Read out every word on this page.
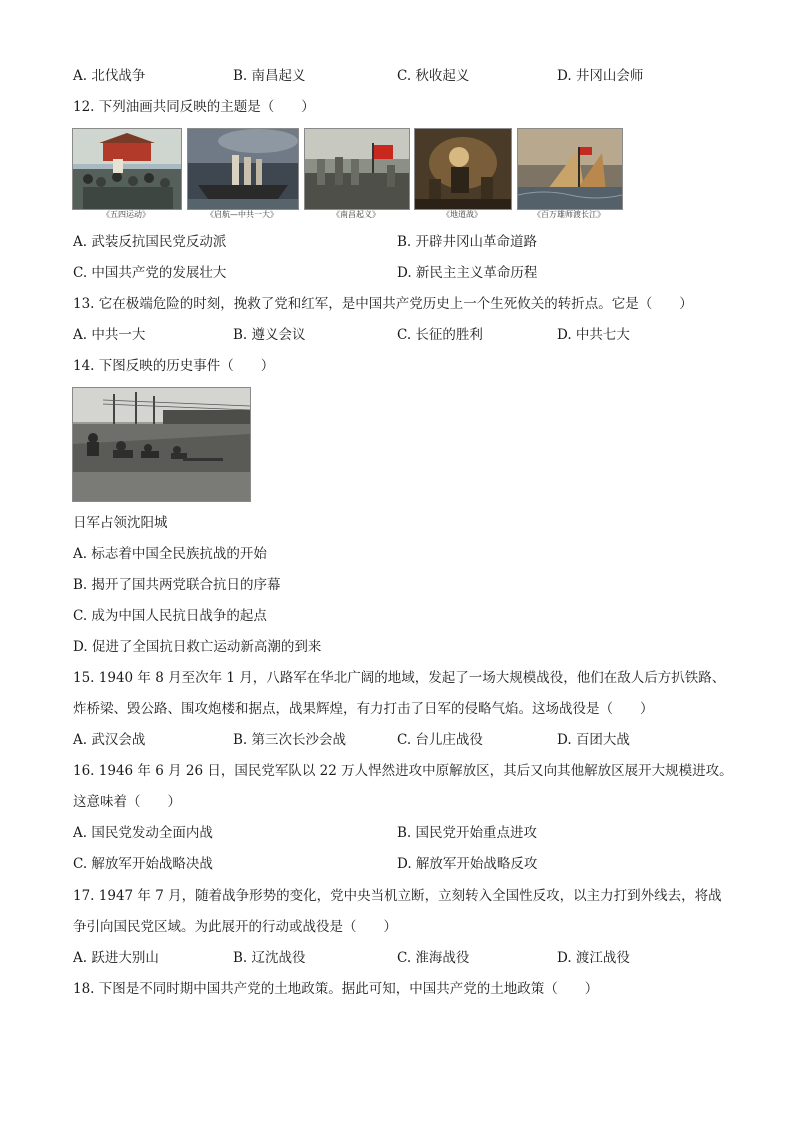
A. 北伐战争	B. 南昌起义	C. 秋收起义	D. 井冈山会师
12. 下列油画共同反映的主题是（　　）
《五四运动》	《启航—中共一大》	《南昌起义》	《地道战》	《百万雄师渡长江》
A. 武装反抗国民党反动派	B. 开辟井冈山革命道路
C. 中国共产党的发展壮大	D. 新民主主义革命历程
13. 它在极端危险的时刻，挽救了党和红军，是中国共产党历史上一个生死攸关的转折点。它是（　　）
A. 中共一大	B. 遵义会议	C. 长征的胜利	D. 中共七大
14. 下图反映的历史事件（　　）
日军占领沈阳城
A. 标志着中国全民族抗战的开始
B. 揭开了国共两党联合抗日的序幕
C. 成为中国人民抗日战争的起点
D. 促进了全国抗日救亡运动新高潮的到来
15. 1940 年 8 月至次年 1 月，八路军在华北广阔的地域，发起了一场大规模战役，他们在敌人后方扒铁路、
炸桥梁、毁公路、围攻炮楼和据点，战果辉煌，有力打击了日军的侵略气焰。这场战役是（　　）
A. 武汉会战	B. 第三次长沙会战	C. 台儿庄战役	D. 百团大战
16. 1946 年 6 月 26 日，国民党军队以 22 万人悍然进攻中原解放区，其后又向其他解放区展开大规模进攻。
这意味着（　　）
A. 国民党发动全面内战	B. 国民党开始重点进攻
C. 解放军开始战略决战	D. 解放军开始战略反攻
17. 1947 年 7 月，随着战争形势的变化，党中央当机立断，立刻转入全国性反攻，以主力打到外线去，将战
争引向国民党区域。为此展开的行动或战役是（　　）
A. 跃进大别山	B. 辽沈战役	C. 淮海战役	D. 渡江战役
18. 下图是不同时期中国共产党的土地政策。据此可知，中国共产党的土地政策（　　）
